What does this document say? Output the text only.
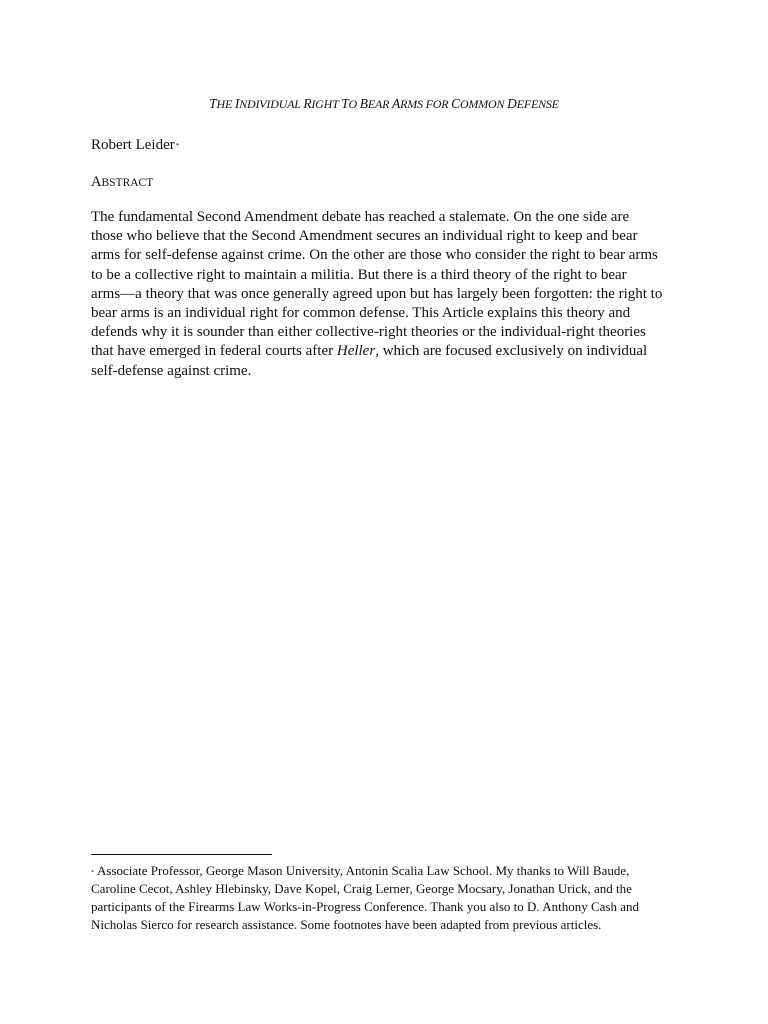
THE INDIVIDUAL RIGHT TO BEAR ARMS FOR COMMON DEFENSE
Robert Leider*
ABSTRACT
The fundamental Second Amendment debate has reached a stalemate. On the one side are
those who believe that the Second Amendment secures an individual right to keep and bear
arms for self-defense against crime. On the other are those who consider the right to bear arms
to be a collective right to maintain a militia. But there is a third theory of the right to bear
arms—a theory that was once generally agreed upon but has largely been forgotten: the right to
bear arms is an individual right for common defense. This Article explains this theory and
defends why it is sounder than either collective-right theories or the individual-right theories
that have emerged in federal courts after Heller, which are focused exclusively on individual
self-defense against crime.
* Associate Professor, George Mason University, Antonin Scalia Law School. My thanks to Will Baude,
Caroline Cecot, Ashley Hlebinsky, Dave Kopel, Craig Lerner, George Mocsary, Jonathan Urick, and the
participants of the Firearms Law Works-in-Progress Conference. Thank you also to D. Anthony Cash and
Nicholas Sierco for research assistance. Some footnotes have been adapted from previous articles.
